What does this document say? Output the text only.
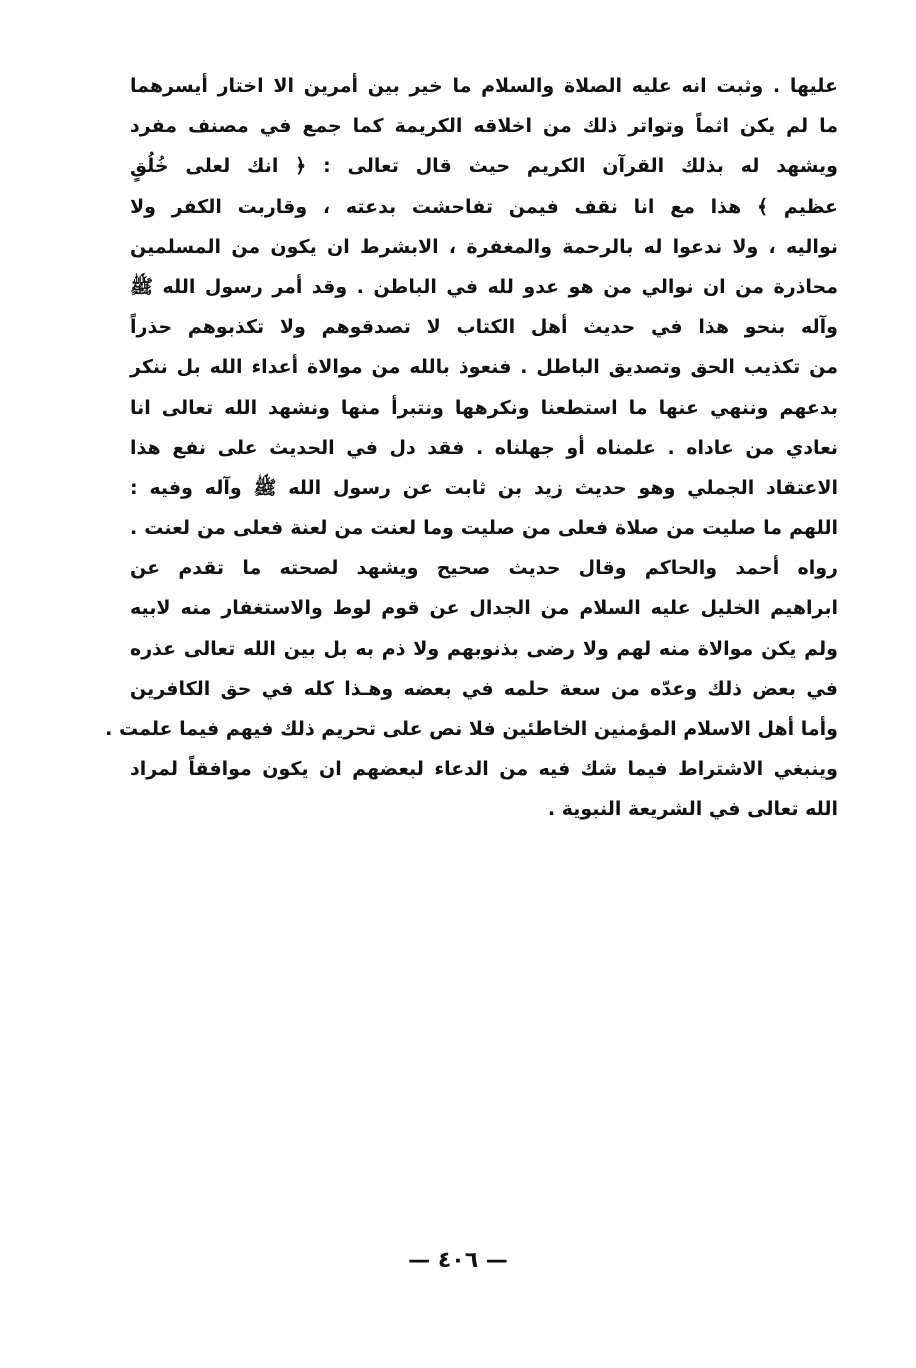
عليها . وثبت انه عليه الصلاة والسلام ما خير بين أمرين الا اختار أيسرهما
ما لم يكن اثماً وتواتر ذلك من اخلاقه الكريمة كما جمع في مصنف مفرد
ويشهد له بذلك القرآن الكريم حيث قال تعالى : ﴿ انك لعلى خُلُقٍ
عظيم ﴾ هذا مع انا نقف فيمن تفاحشت بدعته ، وقاربت الكفر ولا
نواليه ، ولا ندعوا له بالرحمة والمغفرة ، الابشرط ان يكون من المسلمين
محاذرة من ان نوالي من هو عدو لله في الباطن . وقد أمر رسول الله ﷺ
وآله بنحو هذا في حديث أهل الكتاب لا تصدقوهم ولا تكذبوهم حذراً
من تكذيب الحق وتصديق الباطل . فنعوذ بالله من موالاة أعداء الله بل ننكر
بدعهم وننهي عنها ما استطعنا ونكرهها ونتبرأ منها ونشهد الله تعالى انا
نعادي من عاداه . علمناه أو جهلناه . فقد دل في الحديث على نفع هذا
الاعتقاد الجملي وهو حديث زيد بن ثابت عن رسول الله ﷺ وآله وفيه :
اللهم ما صليت من صلاة فعلى من صليت وما لعنت من لعنة فعلى من لعنت .
رواه أحمد والحاكم وقال حديث صحيح ويشهد لصحته ما تقدم عن
ابراهيم الخليل عليه السلام من الجدال عن قوم لوط والاستغفار منه لابيه
ولم يكن موالاة منه لهم ولا رضى بذنوبهم ولا ذم به بل بين الله تعالى عذره
في بعض ذلك وعدّه من سعة حلمه في بعضه وهـذا كله في حق الكافرين
وأما أهل الاسلام المؤمنين الخاطئين فلا نص على تحريم ذلك فيهم فيما علمت .
وينبغي الاشتراط فيما شك فيه من الدعاء لبعضهم ان يكون موافقاً لمراد
الله تعالى في الشريعة النبوية .
— ٤٠٦ —
